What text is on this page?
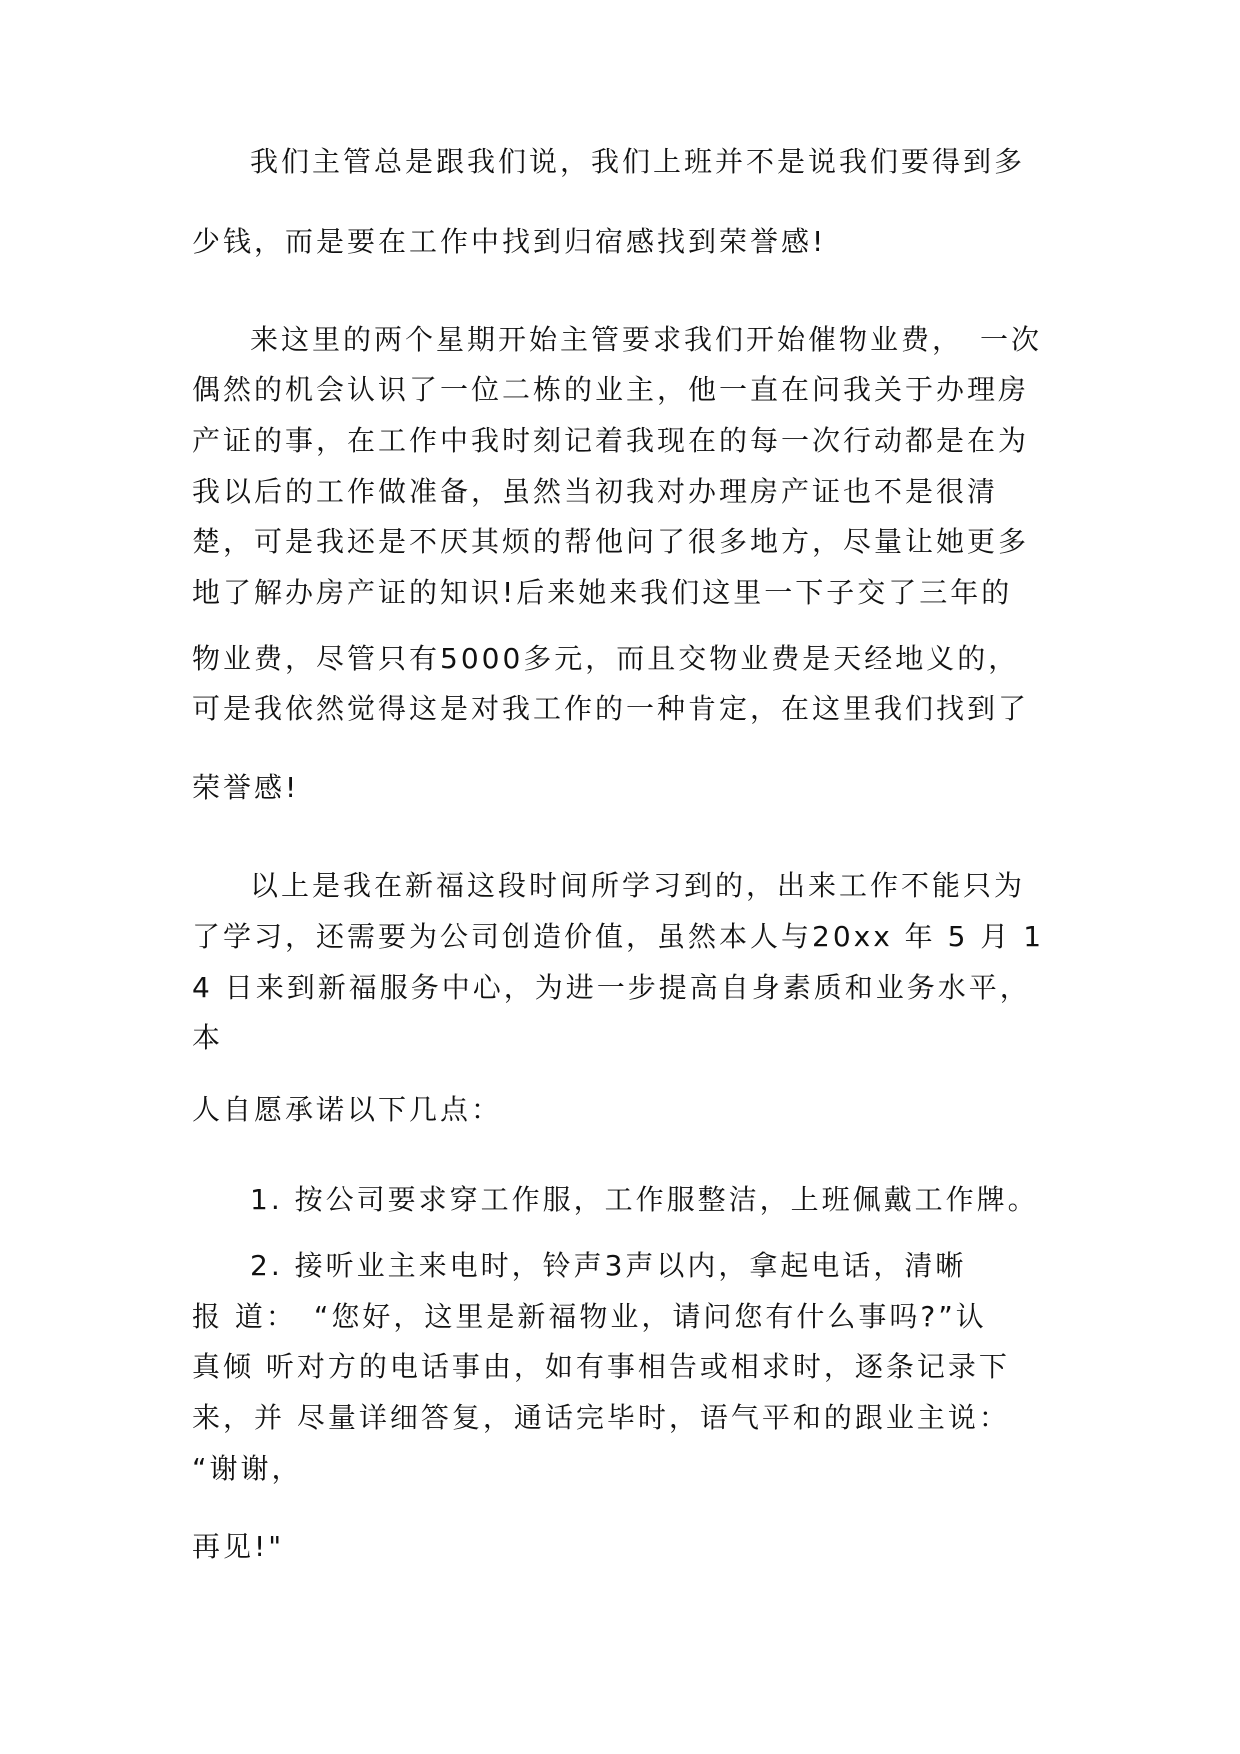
我们主管总是跟我们说，我们上班并不是说我们要得到多
少钱，而是要在工作中找到归宿感找到荣誉感!
来这里的两个星期开始主管要求我们开始催物业费，　一次
偶然的机会认识了一位二栋的业主，他一直在问我关于办理房
产证的事，在工作中我时刻记着我现在的每一次行动都是在为
我以后的工作做准备，虽然当初我对办理房产证也不是很清
楚，可是我还是不厌其烦的帮他问了很多地方，尽量让她更多
地了解办房产证的知识!后来她来我们这里一下子交了三年的
物业费，尽管只有5000多元，而且交物业费是天经地义的，
可是我依然觉得这是对我工作的一种肯定，在这里我们找到了
荣誉感!
以上是我在新福这段时间所学习到的，出来工作不能只为
了学习，还需要为公司创造价值，虽然本人与20xx 年 5 月 1
4 日来到新福服务中心，为进一步提高自身素质和业务水平，
本
人自愿承诺以下几点：
1. 按公司要求穿工作服，工作服整洁，上班佩戴工作牌。
2. 接听业主来电时，铃声3声以内，拿起电话，清晰
报 道：　“您好，这里是新福物业，请问您有什么事吗?”认
真倾 听对方的电话事由，如有事相告或相求时，逐条记录下
来，并 尽量详细答复，通话完毕时，语气平和的跟业主说：
“谢谢，
再见!"
